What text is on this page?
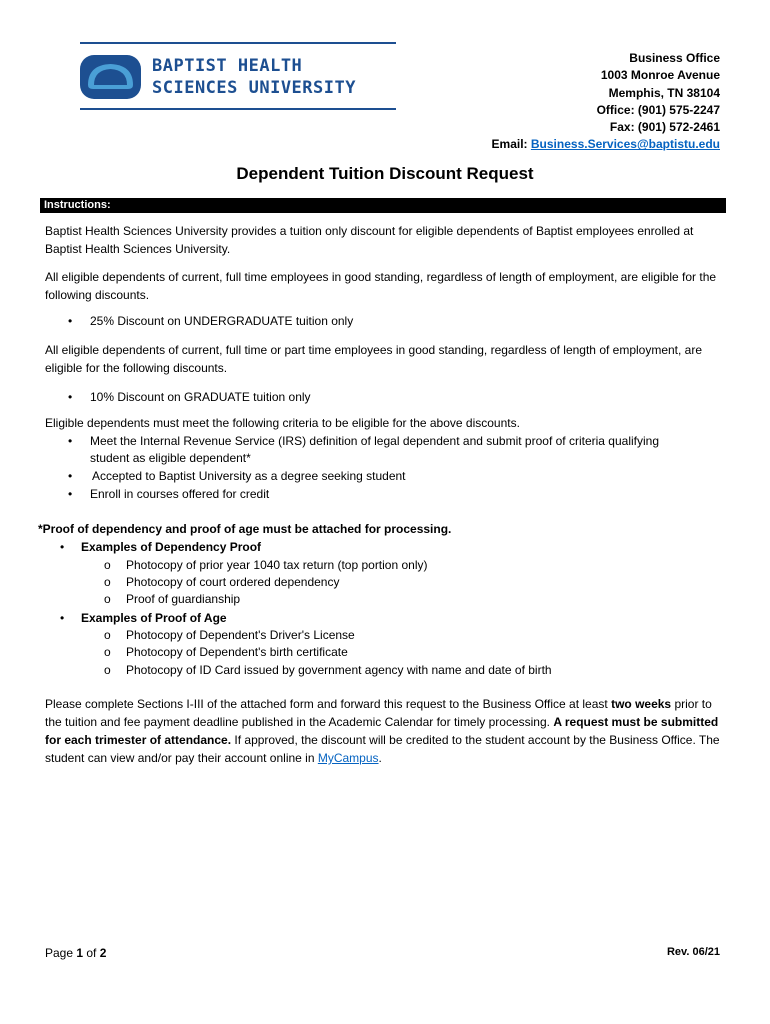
BAPTIST HEALTH
SCIENCES UNIVERSITY
Business Office
1003 Monroe Avenue
Memphis, TN 38104
Office: (901) 575-2247
Fax: (901) 572-2461
Email: Business.Services@baptistu.edu
Dependent Tuition Discount Request
Instructions:
Baptist Health Sciences University provides a tuition only discount for eligible dependents of Baptist employees enrolled at Baptist Health Sciences University.
All eligible dependents of current, full time employees in good standing, regardless of length of employment, are eligible for the following discounts.
• 25% Discount on UNDERGRADUATE tuition only
All eligible dependents of current, full time or part time employees in good standing, regardless of length of employment, are eligible for the following discounts.
• 10% Discount on GRADUATE tuition only
Eligible dependents must meet the following criteria to be eligible for the above discounts.
• Meet the Internal Revenue Service (IRS) definition of legal dependent and submit proof of criteria qualifying
student as eligible dependent*
• Accepted to Baptist University as a degree seeking student
• Enroll in courses offered for credit
*Proof of dependency and proof of age must be attached for processing.
• Examples of Dependency Proof
o Photocopy of prior year 1040 tax return (top portion only)
o Photocopy of court ordered dependency
o Proof of guardianship
• Examples of Proof of Age
o Photocopy of Dependent's Driver's License
o Photocopy of Dependent's birth certificate
o Photocopy of ID Card issued by government agency with name and date of birth
Please complete Sections I-III of the attached form and forward this request to the Business Office at least two weeks prior to the tuition and fee payment deadline published in the Academic Calendar for timely processing. A request must be submitted for each trimester of attendance. If approved, the discount will be credited to the student account by the Business Office. The student can view and/or pay their account online in MyCampus.
Page 1 of 2	Rev. 06/21
